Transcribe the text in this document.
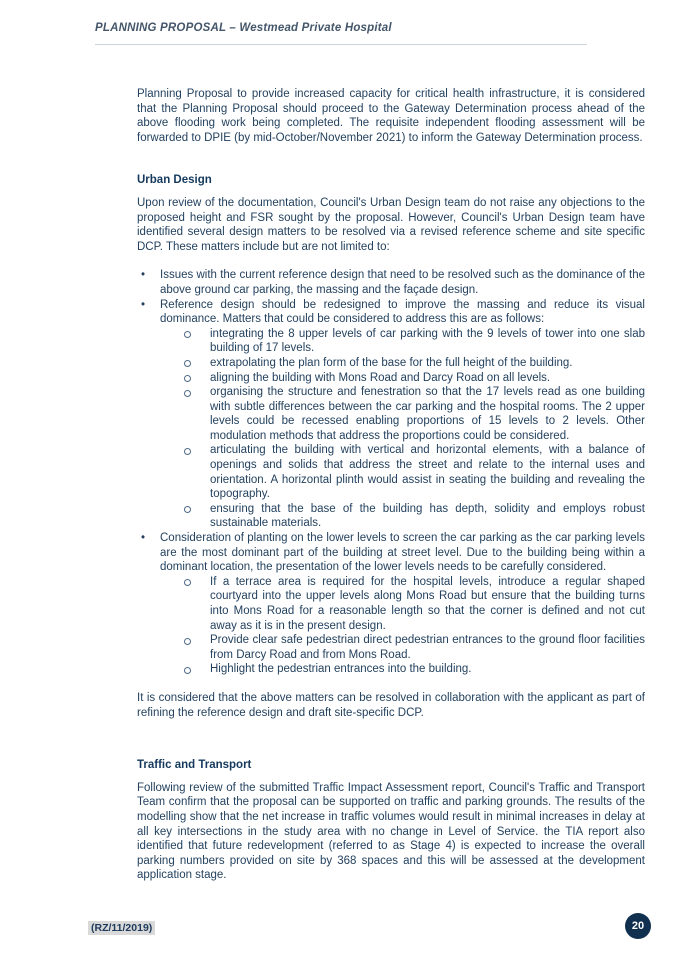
PLANNING PROPOSAL – Westmead Private Hospital

Planning Proposal to provide increased capacity for critical health infrastructure, it is considered that the Planning Proposal should proceed to the Gateway Determination process ahead of the above flooding work being completed. The requisite independent flooding assessment will be forwarded to DPIE (by mid-October/November 2021) to inform the Gateway Determination process.

Urban Design

Upon review of the documentation, Council's Urban Design team do not raise any objections to the proposed height and FSR sought by the proposal. However, Council's Urban Design team have identified several design matters to be resolved via a revised reference scheme and site specific DCP. These matters include but are not limited to:

• Issues with the current reference design that need to be resolved such as the dominance of the above ground car parking, the massing and the façade design.
• Reference design should be redesigned to improve the massing and reduce its visual dominance. Matters that could be considered to address this are as follows:
integrating the 8 upper levels of car parking with the 9 levels of tower into one slab building of 17 levels.
extrapolating the plan form of the base for the full height of the building.
aligning the building with Mons Road and Darcy Road on all levels.
organising the structure and fenestration so that the 17 levels read as one building with subtle differences between the car parking and the hospital rooms. The 2 upper levels could be recessed enabling proportions of 15 levels to 2 levels. Other modulation methods that address the proportions could be considered.
articulating the building with vertical and horizontal elements, with a balance of openings and solids that address the street and relate to the internal uses and orientation. A horizontal plinth would assist in seating the building and revealing the topography.
ensuring that the base of the building has depth, solidity and employs robust sustainable materials.
• Consideration of planting on the lower levels to screen the car parking as the car parking levels are the most dominant part of the building at street level. Due to the building being within a dominant location, the presentation of the lower levels needs to be carefully considered.
If a terrace area is required for the hospital levels, introduce a regular shaped courtyard into the upper levels along Mons Road but ensure that the building turns into Mons Road for a reasonable length so that the corner is defined and not cut away as it is in the present design.
Provide clear safe pedestrian direct pedestrian entrances to the ground floor facilities from Darcy Road and from Mons Road.
Highlight the pedestrian entrances into the building.

It is considered that the above matters can be resolved in collaboration with the applicant as part of refining the reference design and draft site-specific DCP.

Traffic and Transport

Following review of the submitted Traffic Impact Assessment report, Council's Traffic and Transport Team confirm that the proposal can be supported on traffic and parking grounds. The results of the modelling show that the net increase in traffic volumes would result in minimal increases in delay at all key intersections in the study area with no change in Level of Service. the TIA report also identified that future redevelopment (referred to as Stage 4) is expected to increase the overall parking numbers provided on site by 368 spaces and this will be assessed at the development application stage.

(RZ/11/2019)	20
